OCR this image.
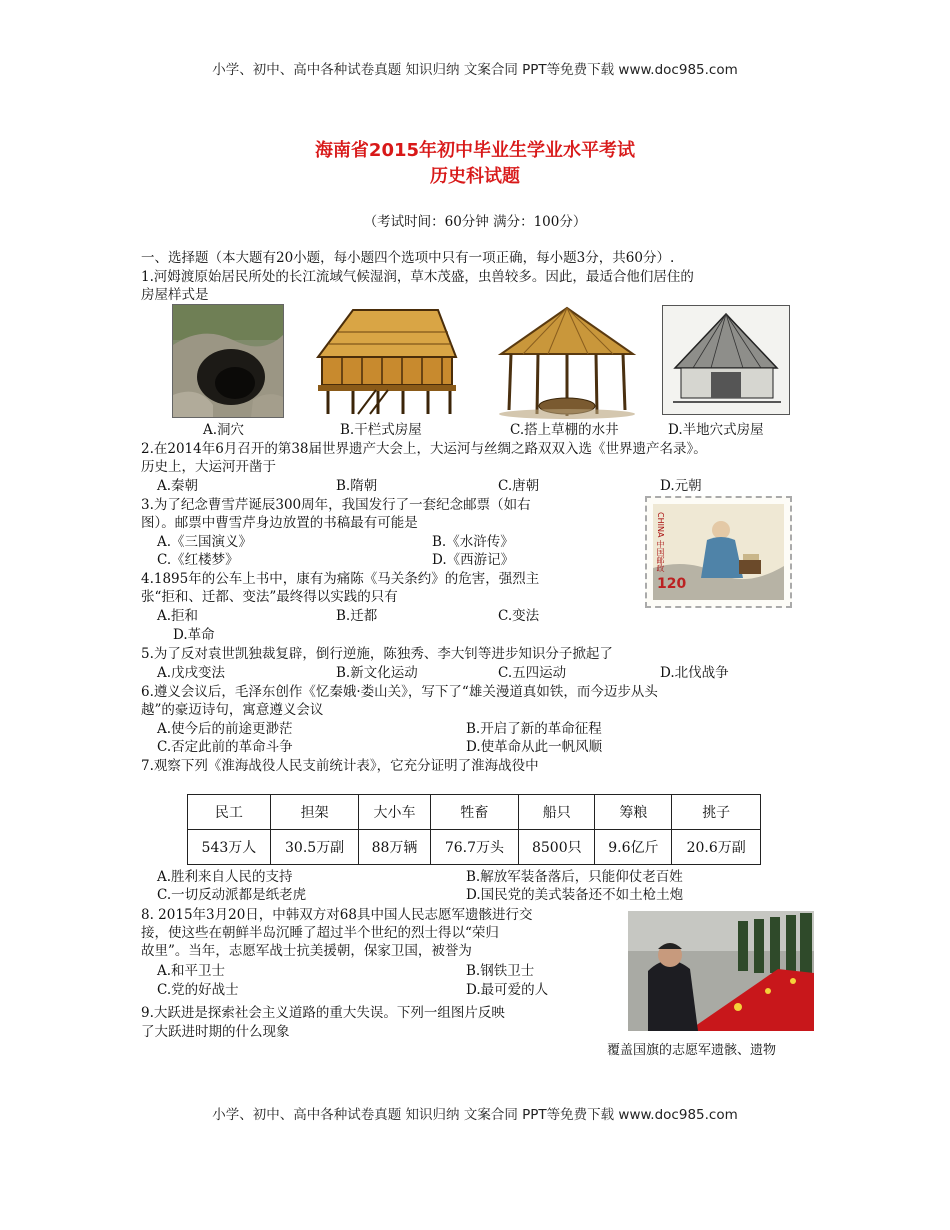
小学、初中、高中各种试卷真题 知识归纳 文案合同 PPT等免费下载 www.doc985.com
海南省2015年初中毕业生学业水平考试
历史科试题
（考试时间：60分钟 满分：100分）
一、选择题（本大题有20小题，每小题四个选项中只有一项正确，每小题3分，共60分）.
1.河姆渡原始居民所处的长江流域气候湿润，草木茂盛，虫兽较多。因此，最适合他们居住的
房屋样式是
A.洞穴	B.干栏式房屋	C.搭上草棚的水井	D.半地穴式房屋
2.在2014年6月召开的第38届世界遗产大会上，大运河与丝绸之路双双入选《世界遗产名录》。
历史上，大运河开凿于
A.秦朝	B.隋朝	C.唐朝	D.元朝
3.为了纪念曹雪芹诞辰300周年，我国发行了一套纪念邮票（如右
图）。邮票中曹雪芹身边放置的书稿最有可能是
A.《三国演义》	B.《水浒传》
C.《红楼梦》	D.《西游记》	CHINA 中国邮政
120
4.1895年的公车上书中，康有为痛陈《马关条约》的危害，强烈主
张“拒和、迁都、变法”最终得以实践的只有
A.拒和	B.迁都	C.变法
D.革命
5.为了反对袁世凯独裁复辟，倒行逆施，陈独秀、李大钊等进步知识分子掀起了
A.戊戌变法	B.新文化运动	C.五四运动	D.北伐战争
6.遵义会议后，毛泽东创作《忆秦娥·娄山关》，写下了“雄关漫道真如铁，而今迈步从头
越”的豪迈诗句，寓意遵义会议
A.使今后的前途更渺茫	B.开启了新的革命征程
C.否定此前的革命斗争	D.使革命从此一帆风顺
7.观察下列《淮海战役人民支前统计表》，它充分证明了淮海战役中
民工	担架	大小车	牲畜	船只	筹粮	挑子
543万人	30.5万副	88万辆	76.7万头	8500只	9.6亿斤	20.6万副
A.胜利来自人民的支持	B.解放军装备落后，只能仰仗老百姓
C.一切反动派都是纸老虎	D.国民党的美式装备还不如土枪土炮
8. 2015年3月20日，中韩双方对68具中国人民志愿军遗骸进行交
接，使这些在朝鲜半岛沉睡了超过半个世纪的烈士得以“荣归
故里”。当年，志愿军战士抗美援朝，保家卫国，被誉为
A.和平卫士	B.钢铁卫士
C.党的好战士	D.最可爱的人
覆盖国旗的志愿军遗骸、遗物
9.大跃进是探索社会主义道路的重大失误。下列一组图片反映
了大跃进时期的什么现象
小学、初中、高中各种试卷真题 知识归纳 文案合同 PPT等免费下载 www.doc985.com
